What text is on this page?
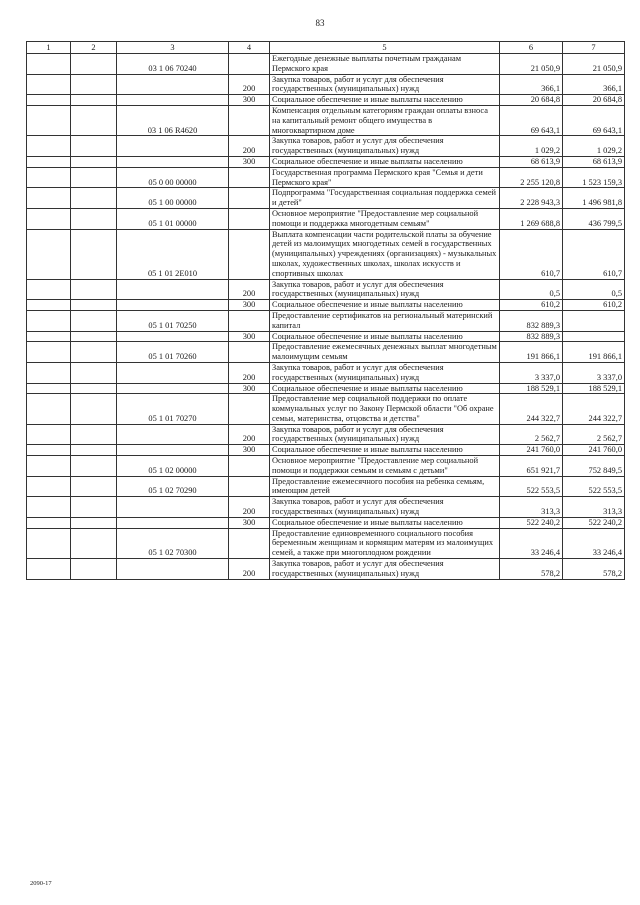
83
1	2	3	4	5	6	7
		03 1 06 70240		Ежегодные денежные выплаты почетным гражданам Пермского края	21 050,9	21 050,9
			200	Закупка товаров, работ и услуг для обеспечения государственных (муниципальных) нужд	366,1	366,1
			300	Социальное обеспечение и иные выплаты населению	20 684,8	20 684,8
		03 1 06 R4620		Компенсация отдельным категориям граждан оплаты взноса на капитальный ремонт общего имущества в многоквартирном доме	69 643,1	69 643,1
			200	Закупка товаров, работ и услуг для обеспечения государственных (муниципальных) нужд	1 029,2	1 029,2
			300	Социальное обеспечение и иные выплаты населению	68 613,9	68 613,9
		05 0 00 00000		Государственная программа Пермского края "Семья и дети Пермского края"	2 255 120,8	1 523 159,3
		05 1 00 00000		Подпрограмма "Государственная социальная поддержка семей и детей"	2 228 943,3	1 496 981,8
		05 1 01 00000		Основное мероприятие "Предоставление мер социальной помощи и поддержка многодетным семьям"	1 269 688,8	436 799,5
		05 1 01 2E010		Выплата компенсации части родительской платы за обучение детей из малоимущих многодетных семей в государственных (муниципальных) учреждениях (организациях) - музыкальных школах, художественных школах, школах искусств и спортивных школах	610,7	610,7
			200	Закупка товаров, работ и услуг для обеспечения государственных (муниципальных) нужд	0,5	0,5
			300	Социальное обеспечение и иные выплаты населению	610,2	610,2
		05 1 01 70250		Предоставление сертификатов на региональный материнский капитал	832 889,3	
			300	Социальное обеспечение и иные выплаты населению	832 889,3	
		05 1 01 70260		Предоставление ежемесячных денежных выплат многодетным малоимущим семьям	191 866,1	191 866,1
			200	Закупка товаров, работ и услуг для обеспечения государственных (муниципальных) нужд	3 337,0	3 337,0
			300	Социальное обеспечение и иные выплаты населению	188 529,1	188 529,1
		05 1 01 70270		Предоставление мер социальной поддержки по оплате коммунальных услуг по Закону Пермской области "Об охране семьи, материнства, отцовства и детства"	244 322,7	244 322,7
			200	Закупка товаров, работ и услуг для обеспечения государственных (муниципальных) нужд	2 562,7	2 562,7
			300	Социальное обеспечение и иные выплаты населению	241 760,0	241 760,0
		05 1 02 00000		Основное мероприятие "Предоставление мер социальной помощи и поддержки семьям и семьям с детьми"	651 921,7	752 849,5
		05 1 02 70290		Предоставление ежемесячного пособия на ребенка семьям, имеющим детей	522 553,5	522 553,5
			200	Закупка товаров, работ и услуг для обеспечения государственных (муниципальных) нужд	313,3	313,3
			300	Социальное обеспечение и иные выплаты населению	522 240,2	522 240,2
		05 1 02 70300		Предоставление единовременного социального пособия беременным женщинам и кормящим матерям из малоимущих семей, а также при многоплодном рождении	33 246,4	33 246,4
			200	Закупка товаров, работ и услуг для обеспечения государственных (муниципальных) нужд	578,2	578,2
2090-17
